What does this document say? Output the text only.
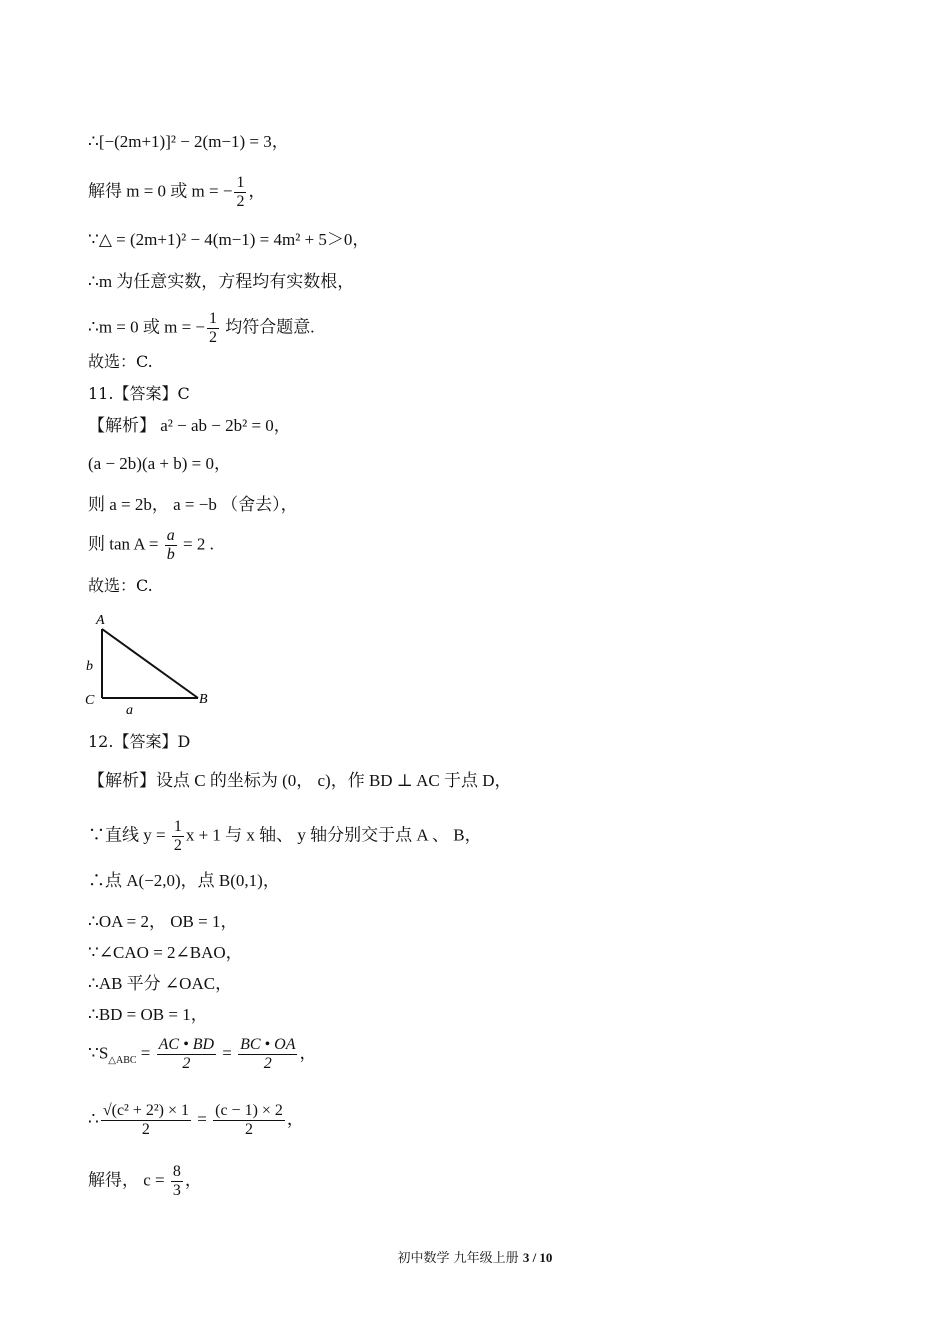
∴[−(2m+1)]² − 2(m−1) = 3，
解得 m = 0 或 m = − $\frac{1}{2}$ ，
∵△ = (2m+1)² − 4(m−1) = 4m² + 5＞0，
∴m 为任意实数，方程均有实数根，
∴m = 0 或 m = − $\frac{1}{2}$ 均符合题意.
故选：C.
11.【答案】C
【解析】 a² − ab − 2b² = 0，
(a − 2b)(a + b) = 0，
则 a = 2b， a = −b （舍去），
则 $\tan A = \frac{a}{b} = 2$ .
故选：C.
A
B
C
a
b
12.【答案】D
【解析】设点 C 的坐标为 (0， c)，作 BD ⊥ AC 于点 D，
∵直线 $y = \frac{1}{2}$ x + 1 与 x 轴、 y 轴分别交于点 A 、 B，
∴点 A(−2,0)，点 B(0,1)，
∴OA = 2， OB = 1，
∵∠CAO = 2∠BAO，
∴AB 平分 ∠OAC，
∴BD = OB = 1，
$\because S_{\triangle ABC} = \frac{AC • BD}{2} = \frac{BC • OA}{2}$ ，
∴ $\frac{\text{√(c² + 2²) × 1}}{2} = \frac{(c - 1) \times 2}{2}$ ，
解得， $c = \frac{8}{3}$ ，
初中数学 九年级上册 3 / 10
